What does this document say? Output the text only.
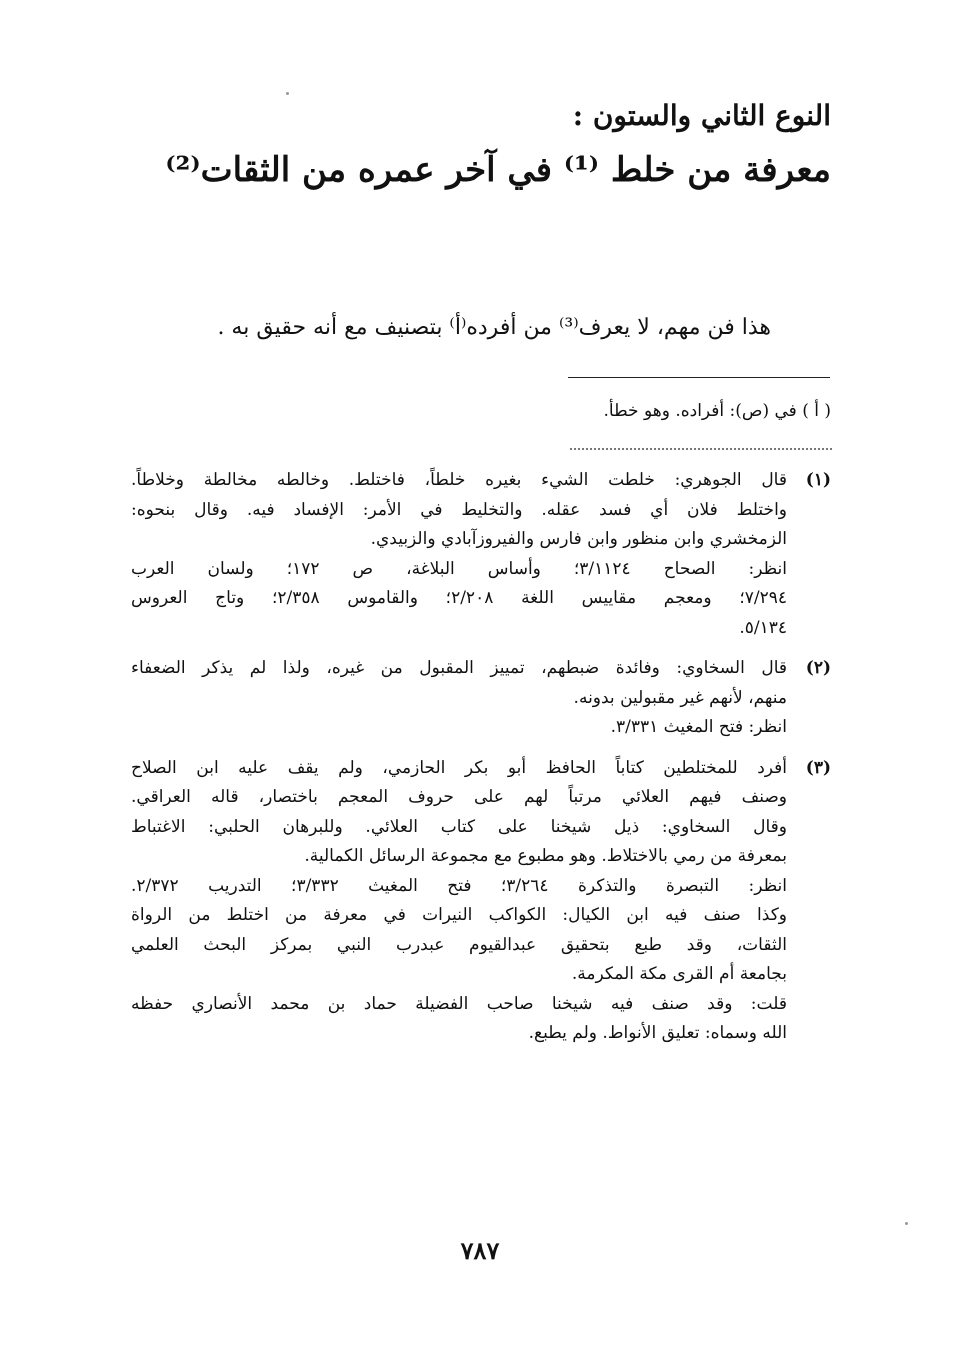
النوع الثاني والستون :
معرفة من خلط ⁽¹⁾ في آخر عمره من الثقات⁽²⁾
هذا فن مهم، لا يعرف⁽³⁾ من أفرده⁽أ⁾ بتصنيف مع أنه حقيق به .
( أ ) في (ص): أفراده. وهو خطأ.
(١)
قال الجوهري: خلطت الشيء بغيره خلطاً، فاختلط. وخالطه مخالطة وخلاطاً.
واختلط فلان أي فسد عقله. والتخليط في الأمر: الإفساد فيه. وقال بنحوه:
الزمخشري وابن منظور وابن فارس والفيروزآبادي والزبيدي.
انظر: الصحاح ٣/١١٢٤؛ وأساس البلاغة، ص ١٧٢؛ ولسان العرب
٧/٢٩٤؛ ومعجم مقاييس اللغة ٢/٢٠٨؛ والقاموس ٢/٣٥٨؛ وتاج العروس
٥/١٣٤.
(٢)
قال السخاوي: وفائدة ضبطهم، تمييز المقبول من غيره، ولذا لم يذكر الضعفاء
منهم، لأنهم غير مقبولين بدونه.
انظر: فتح المغيث ٣/٣٣١.
(٣)
أفرد للمختلطين كتاباً الحافظ أبو بكر الحازمي، ولم يقف عليه ابن الصلاح
وصنف فيهم العلائي مرتباً لهم على حروف المعجم باختصار، قاله العراقي.
وقال السخاوي: ذيل شيخنا على كتاب العلائي. وللبرهان الحلبي: الاغتباط
بمعرفة من رمي بالاختلاط. وهو مطبوع مع مجموعة الرسائل الكمالية.
انظر: التبصرة والتذكرة ٣/٢٦٤؛ فتح المغيث ٣/٣٣٢؛ التدريب ٢/٣٧٢.
وكذا صنف فيه ابن الكيال: الكواكب النيرات في معرفة من اختلط من الرواة
الثقات، وقد طبع بتحقيق عبدالقيوم عبدرب النبي بمركز البحث العلمي
بجامعة أم القرى مكة المكرمة.
قلت: وقد صنف فيه شيخنا صاحب الفضيلة حماد بن محمد الأنصاري حفظه
الله وسماه: تعليق الأنواط. ولم يطبع.
٧٨٧
